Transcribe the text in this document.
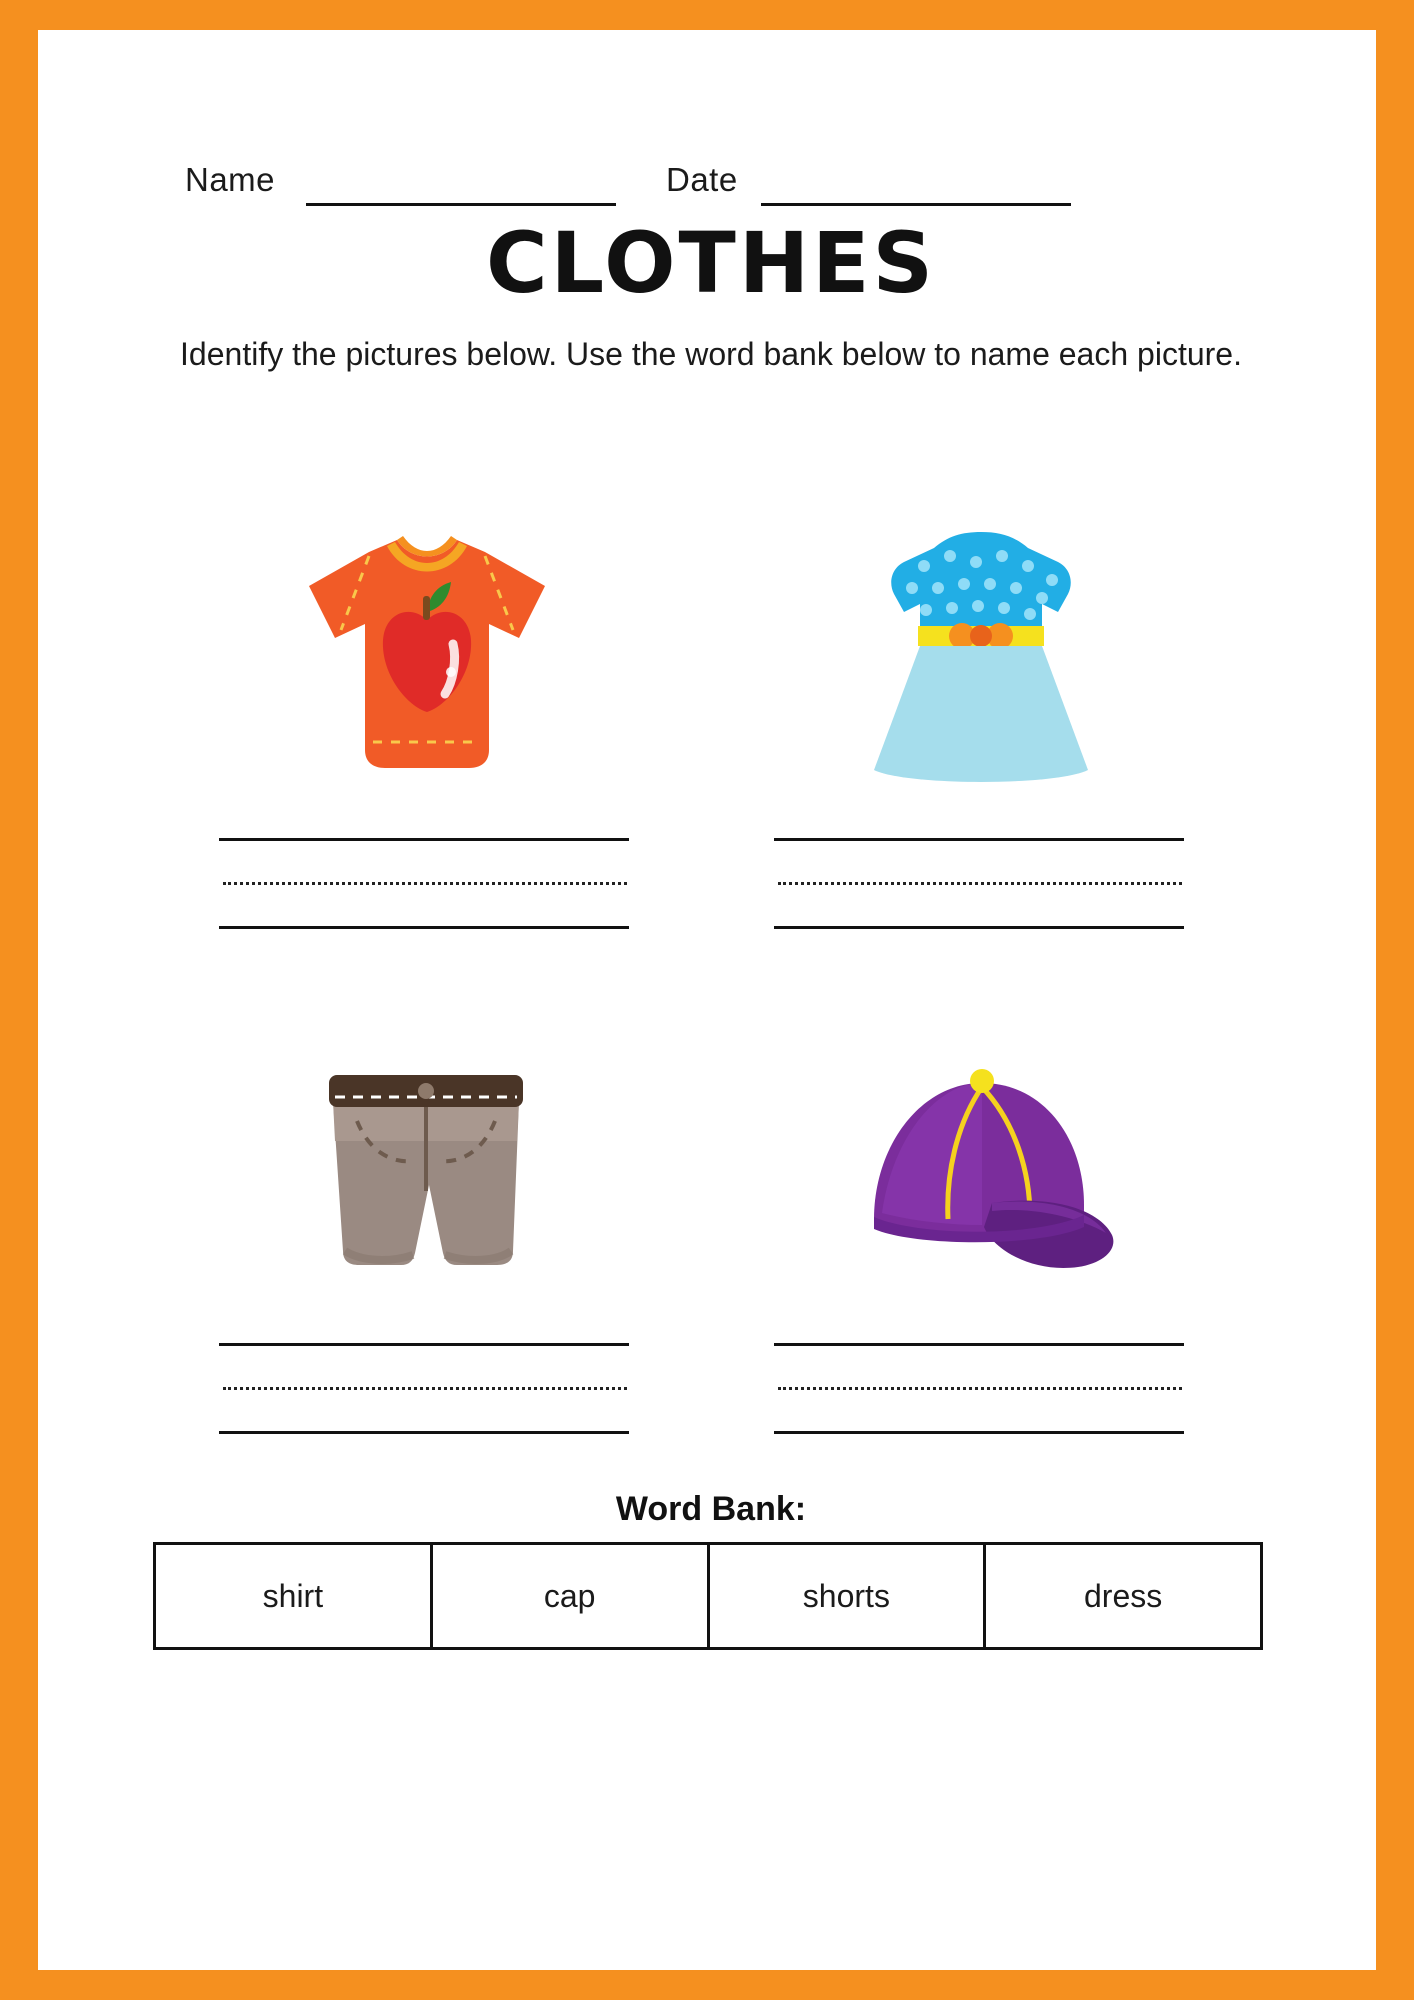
Name	Date
CLOTHES
Identify the pictures below. Use the word bank below to name each picture.
Word Bank:
shirt	cap	shorts	dress
